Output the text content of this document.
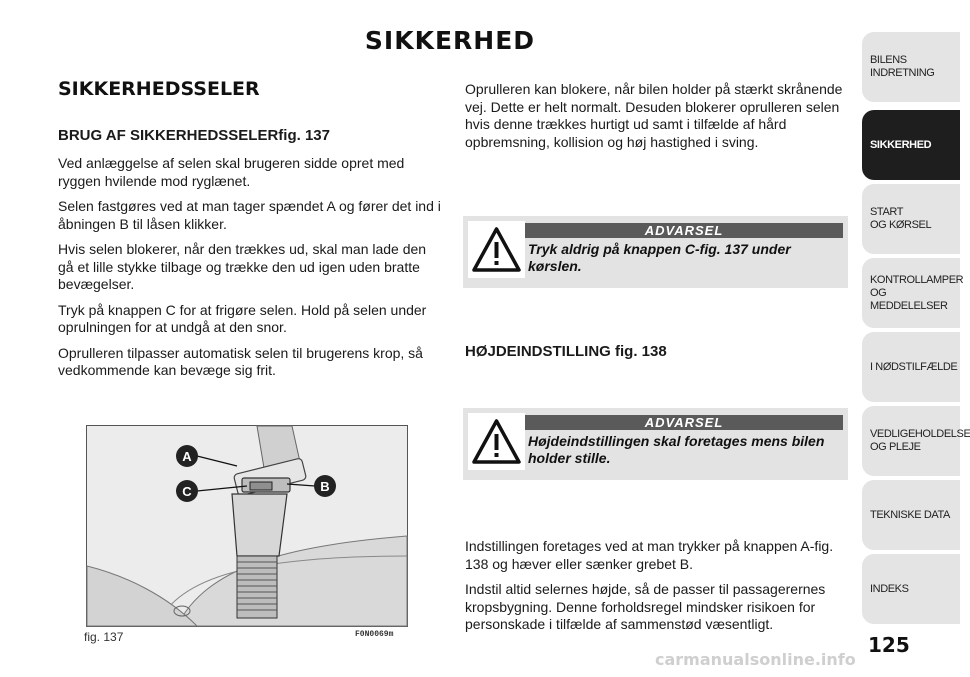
SIKKERHED
SIKKERHEDSSELER
BRUG AF SIKKERHEDSSELERfig. 137

Ved anlæggelse af selen skal brugeren sidde opret med ryggen hvilende mod ryglænet.

Selen fastgøres ved at man tager spændet A og fører det ind i åbningen B til låsen klikker.

Hvis selen blokerer, når den trækkes ud, skal man lade den gå et lille stykke tilbage og trække den ud igen uden bratte bevægelser.

Tryk på knappen C for at frigøre selen. Hold på selen under oprulningen for at undgå at den snor.

Oprulleren tilpasser automatisk selen til brugerens krop, så vedkommende kan bevæge sig frit.

A
C	B
fig. 137	F0N0069m
Oprulleren kan blokere, når bilen holder på stærkt skrånende vej. Dette er helt normalt. Desuden blokerer oprulleren selen hvis denne trækkes hurtigt ud samt i tilfælde af hård opbremsning, kollision og høj hastighed i sving.
ADVARSEL
Tryk aldrig på knappen C-fig. 137 under kørslen.
HØJDEINDSTILLING fig. 138
ADVARSEL
Højdeindstillingen skal foretages mens bilen holder stille.

Indstillingen foretages ved at man trykker på knappen A-fig. 138 og hæver eller sænker grebet B.

Indstil altid selernes højde, så de passer til passagerernes kropsbygning. Denne forholdsregel mindsker risikoen for personskade i tilfælde af sammenstød væsentligt.

BILENS
INDRETNING
SIKKERHED
START
OG KØRSEL
KONTROLLAMPER
OG MEDDELELSER
I NØDSTILFÆLDE
VEDLIGEHOLDELSE
OG PLEJE
TEKNISKE DATA
INDEKS
125
carmanualsonline.info
